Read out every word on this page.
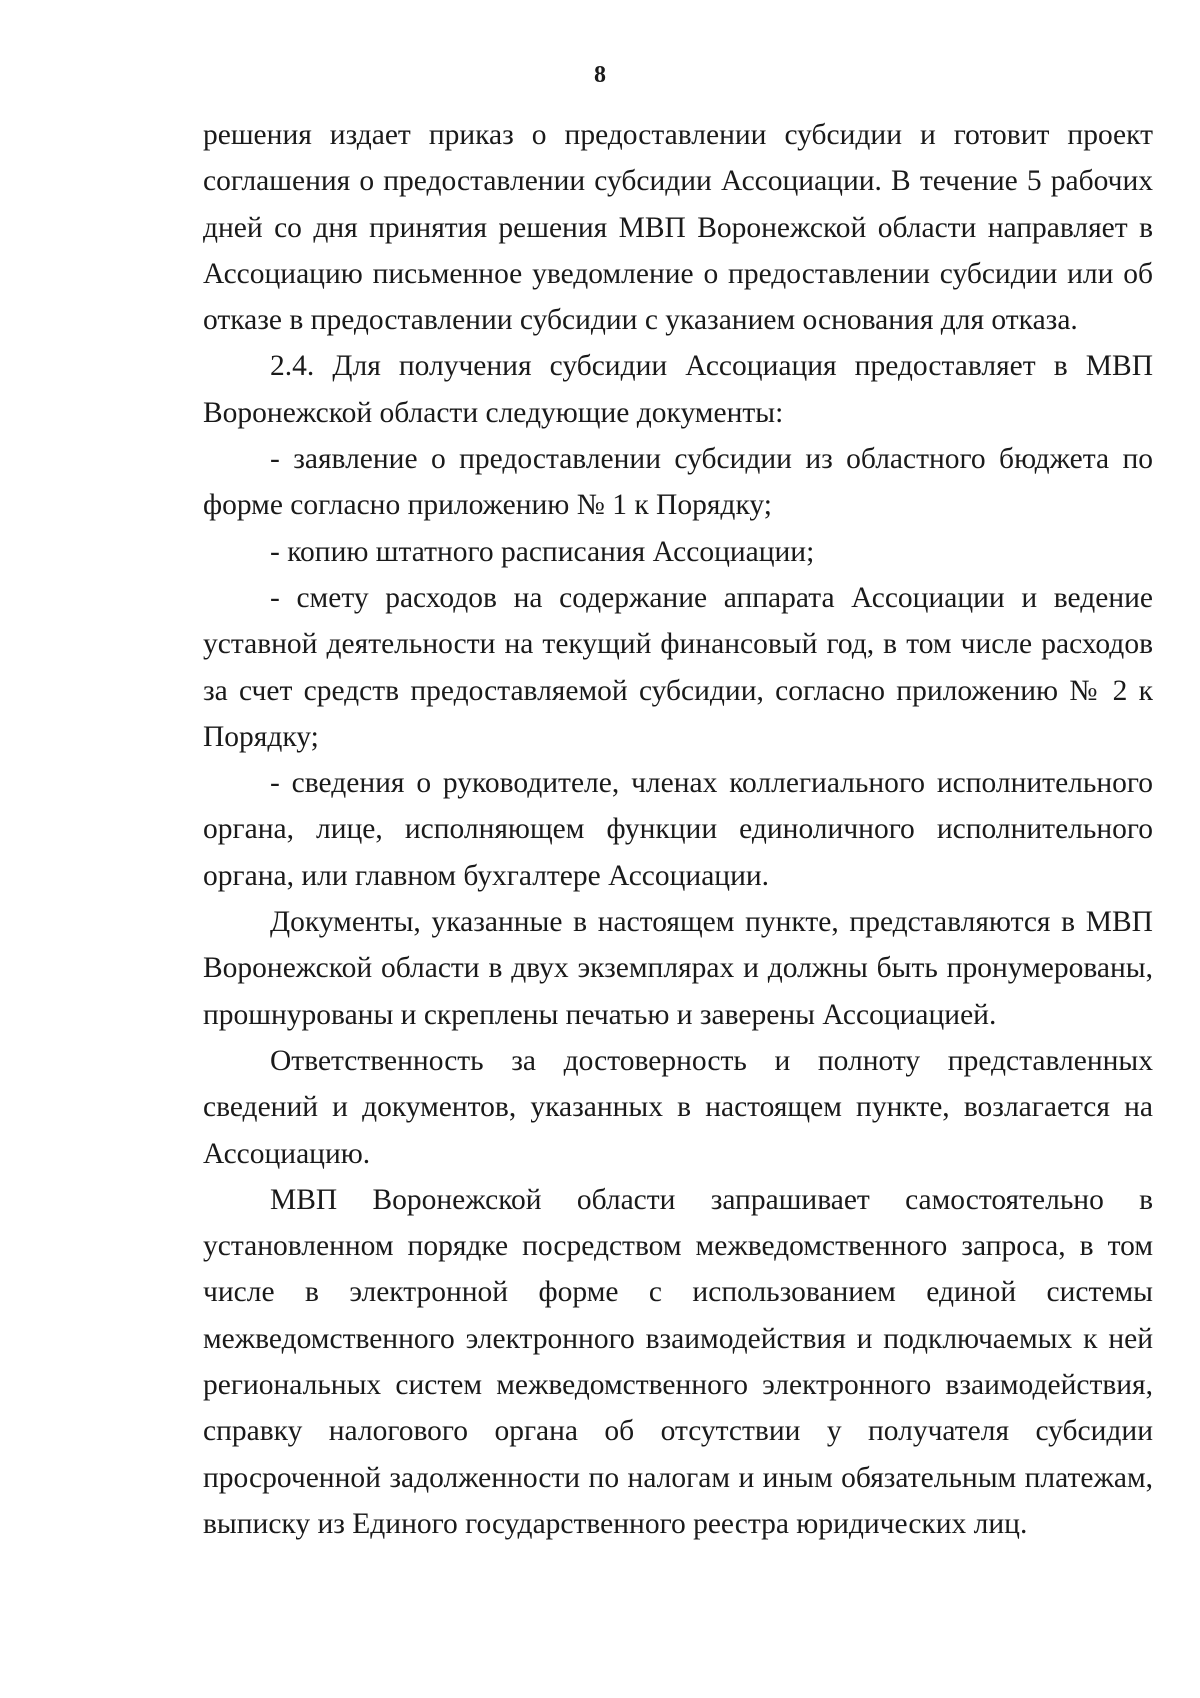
8

решения издает приказ о предоставлении субсидии и готовит проект соглашения о предоставлении субсидии Ассоциации. В течение 5 рабочих дней со дня принятия решения МВП Воронежской области направляет в Ассоциацию письменное уведомление о предоставлении субсидии или об отказе в предоставлении субсидии с указанием основания для отказа.

2.4. Для получения субсидии Ассоциация предоставляет в МВП Воронежской области следующие документы:

- заявление о предоставлении субсидии из областного бюджета по форме согласно приложению № 1 к Порядку;

- копию штатного расписания Ассоциации;

- смету расходов на содержание аппарата Ассоциации и ведение уставной деятельности на текущий финансовый год, в том числе расходов за счет средств предоставляемой субсидии, согласно приложению № 2 к Порядку;

- сведения о руководителе, членах коллегиального исполнительного органа, лице, исполняющем функции единоличного исполнительного органа, или главном бухгалтере Ассоциации.

Документы, указанные в настоящем пункте, представляются в МВП Воронежской области в двух экземплярах и должны быть пронумерованы, прошнурованы и скреплены печатью и заверены Ассоциацией.

Ответственность за достоверность и полноту представленных сведений и документов, указанных в настоящем пункте, возлагается на Ассоциацию.

МВП Воронежской области запрашивает самостоятельно в установленном порядке посредством межведомственного запроса, в том числе в электронной форме с использованием единой системы межведомственного электронного взаимодействия и подключаемых к ней региональных систем межведомственного электронного взаимодействия, справку налогового органа об отсутствии у получателя субсидии просроченной задолженности по налогам и иным обязательным платежам, выписку из Единого государственного реестра юридических лиц.
